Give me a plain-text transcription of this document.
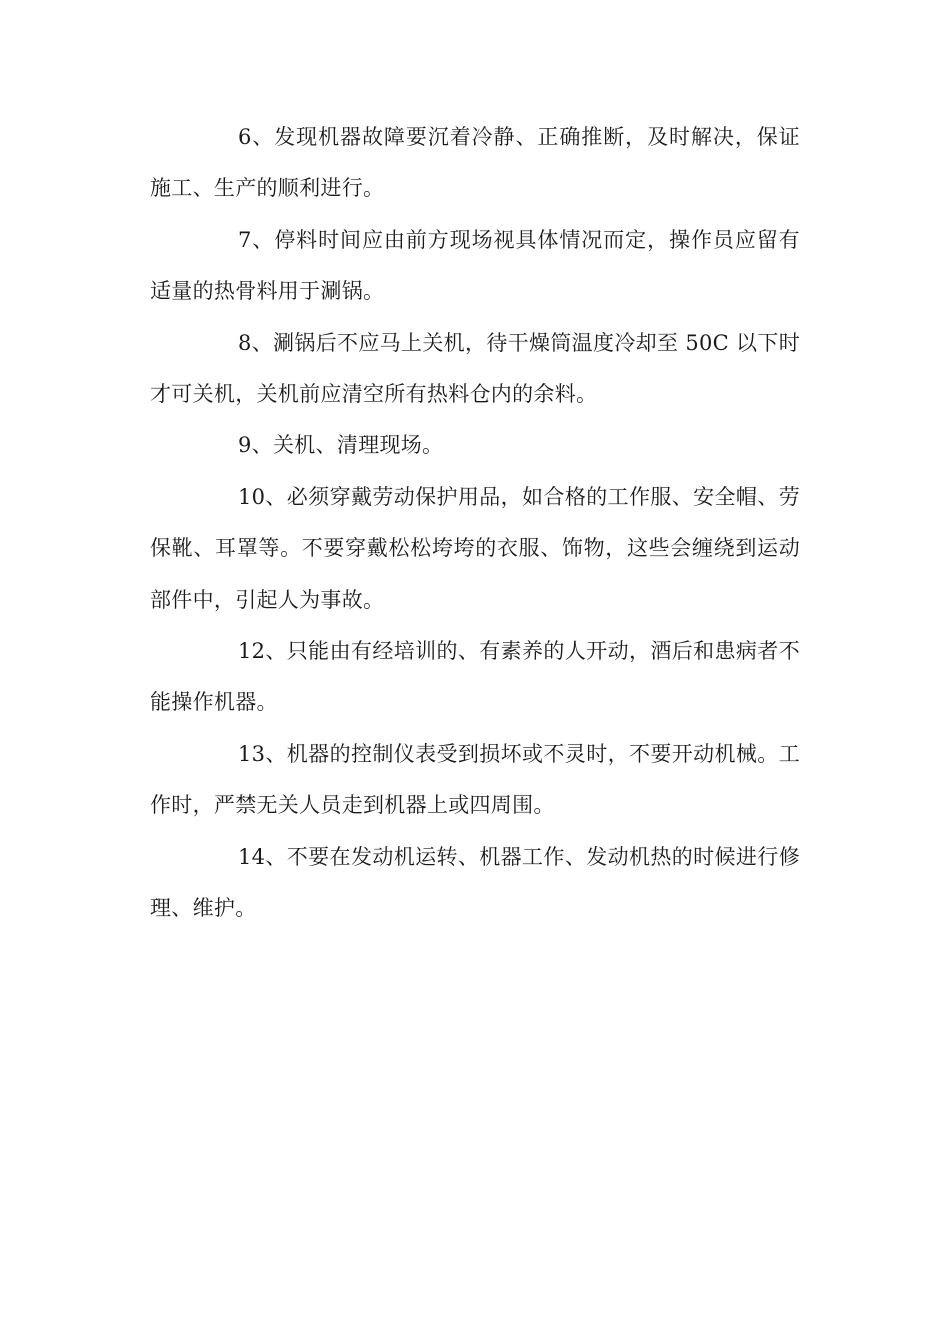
6、发现机器故障要沉着冷静、正确推断，及时解决，保证施工、生产的顺利进行。

7、停料时间应由前方现场视具体情况而定，操作员应留有适量的热骨料用于涮锅。

8、涮锅后不应马上关机，待干燥筒温度冷却至 50C 以下时才可关机，关机前应清空所有热料仓内的余料。

9、关机、清理现场。

10、必须穿戴劳动保护用品，如合格的工作服、安全帽、劳保靴、耳罩等。不要穿戴松松垮垮的衣服、饰物，这些会缠绕到运动部件中，引起人为事故。

12、只能由有经培训的、有素养的人开动，酒后和患病者不能操作机器。

13、机器的控制仪表受到损坏或不灵时，不要开动机械。工作时，严禁无关人员走到机器上或四周围。

14、不要在发动机运转、机器工作、发动机热的时候进行修理、维护。
